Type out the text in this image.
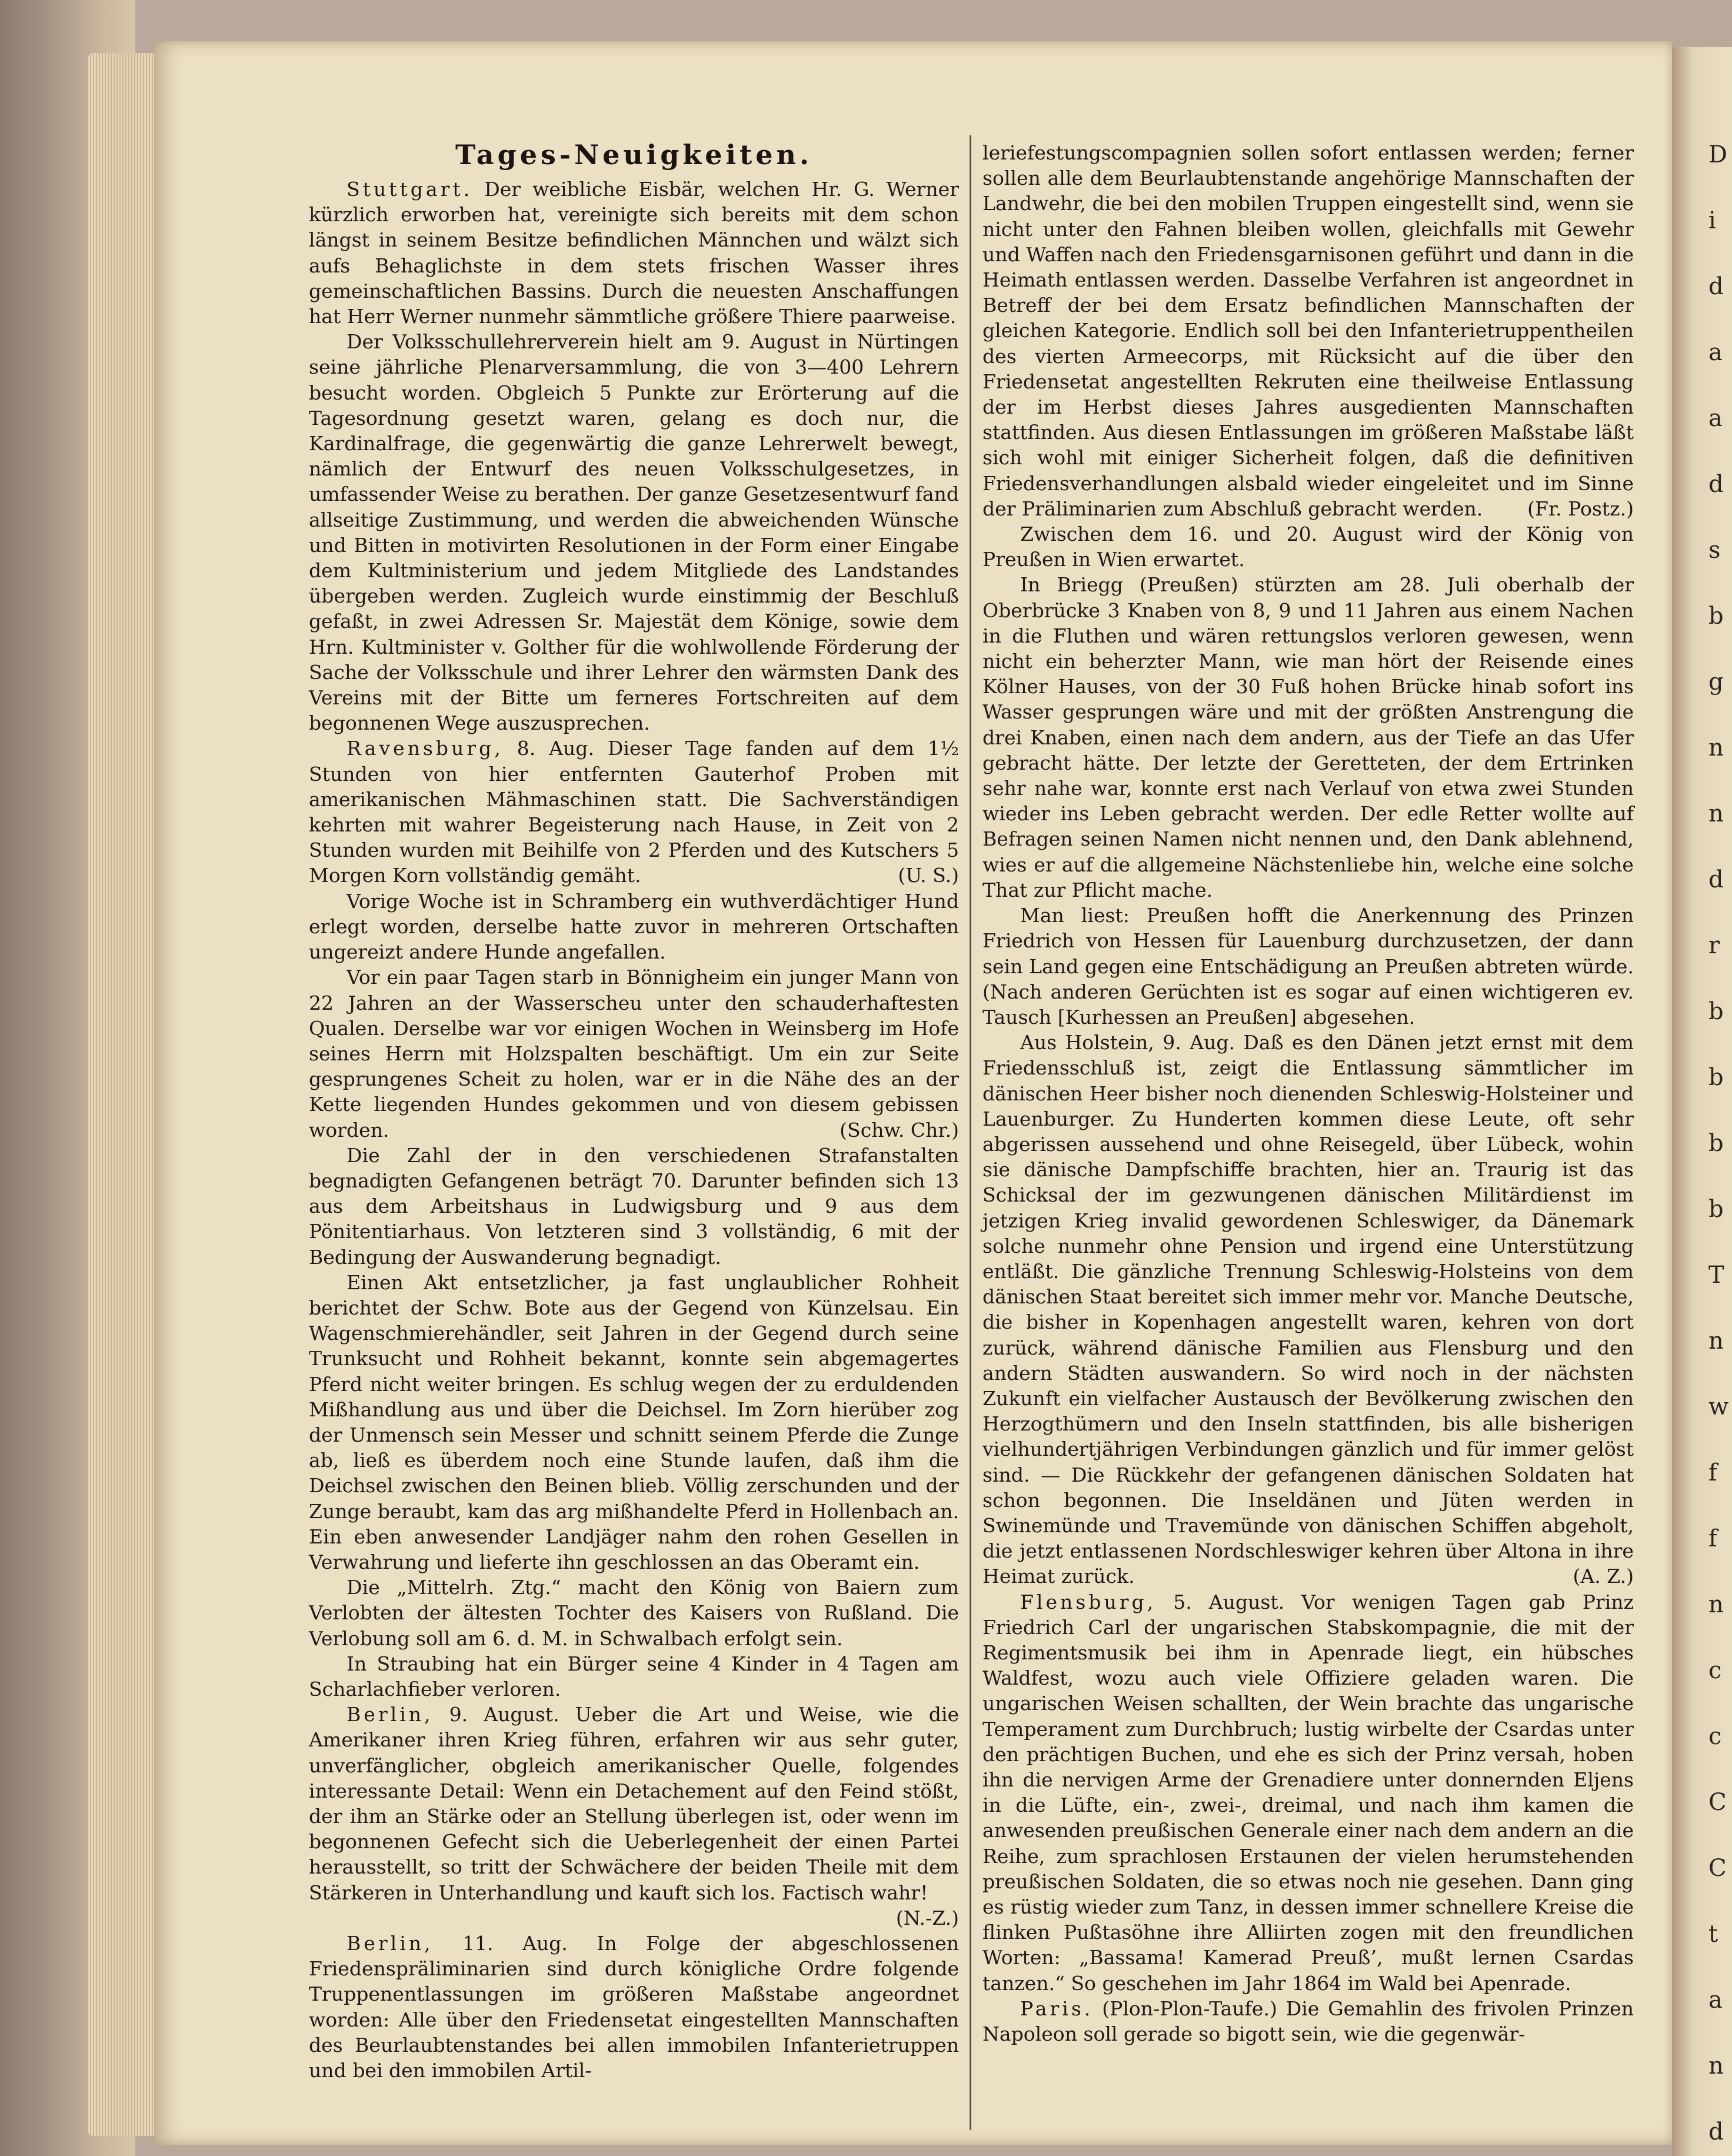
D
i
d
a
a
d
s
b
g
n
n
d
r
b
b
b
b
T
n
w
f
f
n
c
c
C
C
t
a
n
d
Tages-Neuigkeiten.

Stuttgart. Der weibliche Eisbär, welchen Hr. G. Werner kürzlich erworben hat, vereinigte sich bereits mit dem schon längst in seinem Besitze befindlichen Männchen und wälzt sich aufs Behaglichste in dem stets frischen Wasser ihres gemeinschaftlichen Bassins. Durch die neuesten Anschaffungen hat Herr Werner nunmehr sämmtliche größere Thiere paarweise.

Der Volksschullehrerverein hielt am 9. August in Nürtingen seine jährliche Plenarversammlung, die von 3—400 Lehrern besucht worden. Obgleich 5 Punkte zur Erörterung auf die Tagesordnung gesetzt waren, gelang es doch nur, die Kardinalfrage, die gegenwärtig die ganze Lehrerwelt bewegt, nämlich der Entwurf des neuen Volksschulgesetzes, in umfassender Weise zu berathen. Der ganze Gesetzesentwurf fand allseitige Zustimmung, und werden die abweichenden Wünsche und Bitten in motivirten Resolutionen in der Form einer Eingabe dem Kultministerium und jedem Mitgliede des Landstandes übergeben werden. Zugleich wurde einstimmig der Beschluß gefaßt, in zwei Adressen Sr. Majestät dem Könige, sowie dem Hrn. Kultminister v. Golther für die wohlwollende Förderung der Sache der Volksschule und ihrer Lehrer den wärmsten Dank des Vereins mit der Bitte um ferneres Fortschreiten auf dem begonnenen Wege auszusprechen.

Ravensburg, 8. Aug. Dieser Tage fanden auf dem 1½ Stunden von hier entfernten Gauterhof Proben mit amerikanischen Mähmaschinen statt. Die Sachverständigen kehrten mit wahrer Begeisterung nach Hause, in Zeit von 2 Stunden wurden mit Beihilfe von 2 Pferden und des Kutschers 5 Morgen Korn vollständig gemäht.	(U. S.)

Vorige Woche ist in Schramberg ein wuthverdächtiger Hund erlegt worden, derselbe hatte zuvor in mehreren Ortschaften ungereizt andere Hunde angefallen.

Vor ein paar Tagen starb in Bönnigheim ein junger Mann von 22 Jahren an der Wasserscheu unter den schauderhaftesten Qualen. Derselbe war vor einigen Wochen in Weinsberg im Hofe seines Herrn mit Holzspalten beschäftigt. Um ein zur Seite gesprungenes Scheit zu holen, war er in die Nähe des an der Kette liegenden Hundes gekommen und von diesem gebissen worden.	(Schw. Chr.)

Die Zahl der in den verschiedenen Strafanstalten begnadigten Gefangenen beträgt 70. Darunter befinden sich 13 aus dem Arbeitshaus in Ludwigsburg und 9 aus dem Pönitentiarhaus. Von letzteren sind 3 vollständig, 6 mit der Bedingung der Auswanderung begnadigt.

Einen Akt entsetzlicher, ja fast unglaublicher Rohheit berichtet der Schw. Bote aus der Gegend von Künzelsau. Ein Wagenschmierehändler, seit Jahren in der Gegend durch seine Trunksucht und Rohheit bekannt, konnte sein abgemagertes Pferd nicht weiter bringen. Es schlug wegen der zu erduldenden Mißhandlung aus und über die Deichsel. Im Zorn hierüber zog der Unmensch sein Messer und schnitt seinem Pferde die Zunge ab, ließ es überdem noch eine Stunde laufen, daß ihm die Deichsel zwischen den Beinen blieb. Völlig zerschunden und der Zunge beraubt, kam das arg mißhandelte Pferd in Hollenbach an. Ein eben anwesender Landjäger nahm den rohen Gesellen in Verwahrung und lieferte ihn geschlossen an das Oberamt ein.

Die „Mittelrh. Ztg.“ macht den König von Baiern zum Verlobten der ältesten Tochter des Kaisers von Rußland. Die Verlobung soll am 6. d. M. in Schwalbach erfolgt sein.

In Straubing hat ein Bürger seine 4 Kinder in 4 Tagen am Scharlachfieber verloren.

Berlin, 9. August. Ueber die Art und Weise, wie die Amerikaner ihren Krieg führen, erfahren wir aus sehr guter, unverfänglicher, obgleich amerikanischer Quelle, folgendes interessante Detail: Wenn ein Detachement auf den Feind stößt, der ihm an Stärke oder an Stellung überlegen ist, oder wenn im begonnenen Gefecht sich die Ueberlegenheit der einen Partei herausstellt, so tritt der Schwächere der beiden Theile mit dem Stärkeren in Unterhandlung und kauft sich los. Factisch wahr!
(N.-Z.)

Berlin, 11. Aug. In Folge der abgeschlossenen Friedenspräliminarien sind durch königliche Ordre folgende Truppenentlassungen im größeren Maßstabe angeordnet worden: Alle über den Friedensetat eingestellten Mannschaften des Beurlaubtenstandes bei allen immobilen Infanterietruppen und bei den immobilen Artil-

leriefestungscompagnien sollen sofort entlassen werden; ferner sollen alle dem Beurlaubtenstande angehörige Mannschaften der Landwehr, die bei den mobilen Truppen eingestellt sind, wenn sie nicht unter den Fahnen bleiben wollen, gleichfalls mit Gewehr und Waffen nach den Friedensgarnisonen geführt und dann in die Heimath entlassen werden. Dasselbe Verfahren ist angeordnet in Betreff der bei dem Ersatz befindlichen Mannschaften der gleichen Kategorie. Endlich soll bei den Infanterietruppentheilen des vierten Armeecorps, mit Rücksicht auf die über den Friedensetat angestellten Rekruten eine theilweise Entlassung der im Herbst dieses Jahres ausgedienten Mannschaften stattfinden. Aus diesen Entlassungen im größeren Maßstabe läßt sich wohl mit einiger Sicherheit folgen, daß die definitiven Friedensverhandlungen alsbald wieder eingeleitet und im Sinne der Präliminarien zum Abschluß gebracht werden. (Fr. Postz.)

Zwischen dem 16. und 20. August wird der König von Preußen in Wien erwartet.

In Briegg (Preußen) stürzten am 28. Juli oberhalb der Oberbrücke 3 Knaben von 8, 9 und 11 Jahren aus einem Nachen in die Fluthen und wären rettungslos verloren gewesen, wenn nicht ein beherzter Mann, wie man hört der Reisende eines Kölner Hauses, von der 30 Fuß hohen Brücke hinab sofort ins Wasser gesprungen wäre und mit der größten Anstrengung die drei Knaben, einen nach dem andern, aus der Tiefe an das Ufer gebracht hätte. Der letzte der Geretteten, der dem Ertrinken sehr nahe war, konnte erst nach Verlauf von etwa zwei Stunden wieder ins Leben gebracht werden. Der edle Retter wollte auf Befragen seinen Namen nicht nennen und, den Dank ablehnend, wies er auf die allgemeine Nächstenliebe hin, welche eine solche That zur Pflicht mache.

Man liest: Preußen hofft die Anerkennung des Prinzen Friedrich von Hessen für Lauenburg durchzusetzen, der dann sein Land gegen eine Entschädigung an Preußen abtreten würde. (Nach anderen Gerüchten ist es sogar auf einen wichtigeren ev. Tausch [Kurhessen an Preußen] abgesehen.

Aus Holstein, 9. Aug. Daß es den Dänen jetzt ernst mit dem Friedensschluß ist, zeigt die Entlassung sämmtlicher im dänischen Heer bisher noch dienenden Schleswig-Holsteiner und Lauenburger. Zu Hunderten kommen diese Leute, oft sehr abgerissen aussehend und ohne Reisegeld, über Lübeck, wohin sie dänische Dampfschiffe brachten, hier an. Traurig ist das Schicksal der im gezwungenen dänischen Militärdienst im jetzigen Krieg invalid gewordenen Schleswiger, da Dänemark solche nunmehr ohne Pension und irgend eine Unterstützung entläßt. Die gänzliche Trennung Schleswig-Holsteins von dem dänischen Staat bereitet sich immer mehr vor. Manche Deutsche, die bisher in Kopenhagen angestellt waren, kehren von dort zurück, während dänische Familien aus Flensburg und den andern Städten auswandern. So wird noch in der nächsten Zukunft ein vielfacher Austausch der Bevölkerung zwischen den Herzogthümern und den Inseln stattfinden, bis alle bisherigen vielhundertjährigen Verbindungen gänzlich und für immer gelöst sind. — Die Rückkehr der gefangenen dänischen Soldaten hat schon begonnen. Die Inseldänen und Jüten werden in Swinemünde und Travemünde von dänischen Schiffen abgeholt, die jetzt entlassenen Nordschleswiger kehren über Altona in ihre Heimat zurück.	(A. Z.)

Flensburg, 5. August. Vor wenigen Tagen gab Prinz Friedrich Carl der ungarischen Stabskompagnie, die mit der Regimentsmusik bei ihm in Apenrade liegt, ein hübsches Waldfest, wozu auch viele Offiziere geladen waren. Die ungarischen Weisen schallten, der Wein brachte das ungarische Temperament zum Durchbruch; lustig wirbelte der Csardas unter den prächtigen Buchen, und ehe es sich der Prinz versah, hoben ihn die nervigen Arme der Grenadiere unter donnernden Eljens in die Lüfte, ein-, zwei-, dreimal, und nach ihm kamen die anwesenden preußischen Generale einer nach dem andern an die Reihe, zum sprachlosen Erstaunen der vielen herumstehenden preußischen Soldaten, die so etwas noch nie gesehen. Dann ging es rüstig wieder zum Tanz, in dessen immer schnellere Kreise die flinken Pußtasöhne ihre Alliirten zogen mit den freundlichen Worten: „Bassama! Kamerad Preuß’, mußt lernen Csardas tanzen.“ So geschehen im Jahr 1864 im Wald bei Apenrade.

Paris. (Plon-Plon-Taufe.) Die Gemahlin des frivolen Prinzen Napoleon soll gerade so bigott sein, wie die gegenwär-
